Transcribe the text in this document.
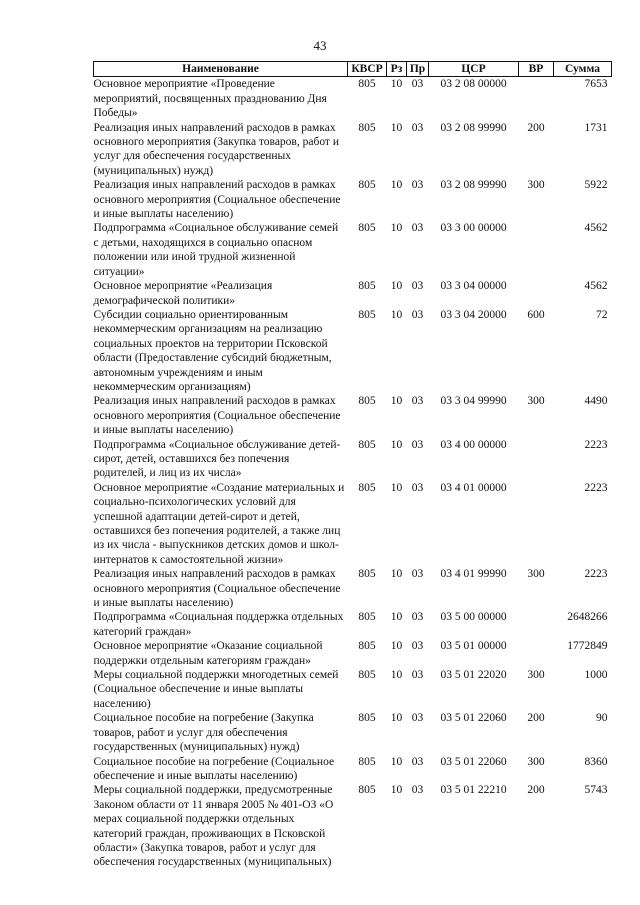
43
Наименование	КВСР	Рз	Пр	ЦСР	ВР	Сумма
Основное мероприятие «Проведение мероприятий, посвященных празднованию Дня Победы»	805	10	03	03 2 08 00000		7653
Реализация иных направлений расходов в рамках основного мероприятия (Закупка товаров, работ и услуг для обеспечения государственных (муниципальных) нужд)	805	10	03	03 2 08 99990	200	1731
Реализация иных направлений расходов в рамках основного мероприятия (Социальное обеспечение и иные выплаты населению)	805	10	03	03 2 08 99990	300	5922
Подпрограмма «Социальное обслуживание семей с детьми, находящихся в социально опасном положении или иной трудной жизненной ситуации»	805	10	03	03 3 00 00000		4562
Основное мероприятие «Реализация демографической политики»	805	10	03	03 3 04 00000		4562
Субсидии социально ориентированным некоммерческим организациям на реализацию социальных проектов на территории Псковской области (Предоставление субсидий бюджетным, автономным учреждениям и иным некоммерческим организациям)	805	10	03	03 3 04 20000	600	72
Реализация иных направлений расходов в рамках основного мероприятия (Социальное обеспечение и иные выплаты населению)	805	10	03	03 3 04 99990	300	4490
Подпрограмма «Социальное обслуживание детей-сирот, детей, оставшихся без попечения родителей, и лиц из их числа»	805	10	03	03 4 00 00000		2223
Основное мероприятие «Создание материальных и социально-психологических условий для успешной адаптации детей-сирот и детей, оставшихся без попечения родителей, а также лиц из их числа - выпускников детских домов и школ-интернатов к самостоятельной жизни»	805	10	03	03 4 01 00000		2223
Реализация иных направлений расходов в рамках основного мероприятия (Социальное обеспечение и иные выплаты населению)	805	10	03	03 4 01 99990	300	2223
Подпрограмма «Социальная поддержка отдельных категорий граждан»	805	10	03	03 5 00 00000		2648266
Основное мероприятие «Оказание социальной поддержки отдельным категориям граждан»	805	10	03	03 5 01 00000		1772849
Меры социальной поддержки многодетных семей (Социальное обеспечение и иные выплаты населению)	805	10	03	03 5 01 22020	300	1000
Социальное пособие на погребение (Закупка товаров, работ и услуг для обеспечения государственных (муниципальных) нужд)	805	10	03	03 5 01 22060	200	90
Социальное пособие на погребение (Социальное обеспечение и иные выплаты населению)	805	10	03	03 5 01 22060	300	8360
Меры социальной поддержки, предусмотренные Законом области от 11 января 2005 № 401-ОЗ «О мерах социальной поддержки отдельных категорий граждан, проживающих в Псковской области» (Закупка товаров, работ и услуг для обеспечения государственных (муниципальных)	805	10	03	03 5 01 22210	200	5743
